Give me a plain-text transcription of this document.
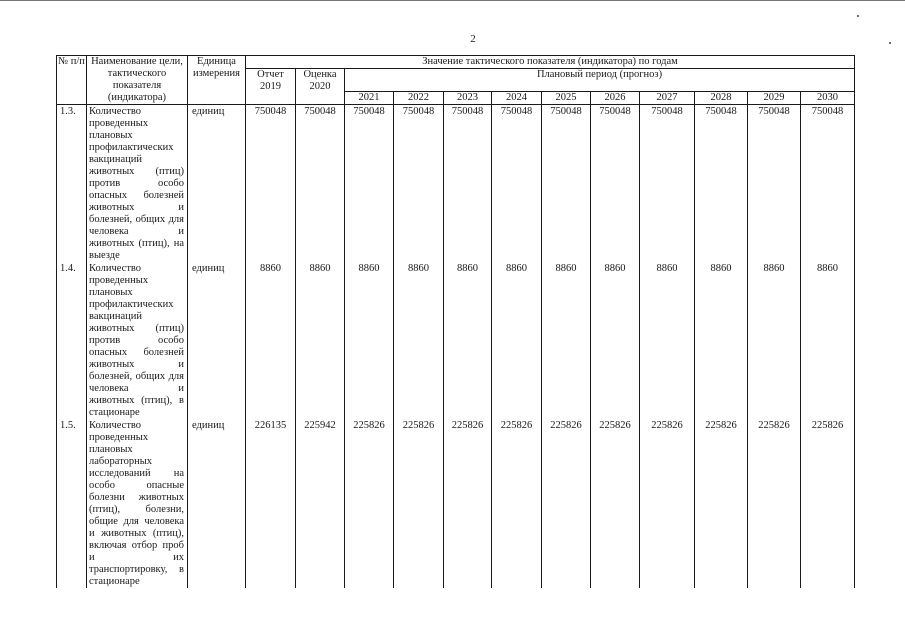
2
№ п/п	Наименование цели, тактического показателя (индикатора)	Единица измерения	Значение тактического показателя (индикатора) по годам											
			Отчет 2019	Оценка 2020	Плановый период (прогноз)									
					2021	2022	2023	2024	2025	2026	2027	2028	2029	2030
1.3.	Количество проведенных плановых профилактических вакцинаций животных (птиц) против особо опасных болезней животных и болезней, общих для человека и животных (птиц), на выезде	единиц	750048	750048	750048	750048	750048	750048	750048	750048	750048	750048	750048	750048
1.4.	Количество проведенных плановых профилактических вакцинаций животных (птиц) против особо опасных болезней животных и болезней, общих для человека и животных (птиц), в стационаре	единиц	8860	8860	8860	8860	8860	8860	8860	8860	8860	8860	8860	8860
1.5.	Количество проведенных плановых лабораторных исследований на особо опасные болезни животных (птиц), болезни, общие для человека и животных (птиц), включая отбор проб и их транспортировку, в стационаре	единиц	226135	225942	225826	225826	225826	225826	225826	225826	225826	225826	225826	225826
